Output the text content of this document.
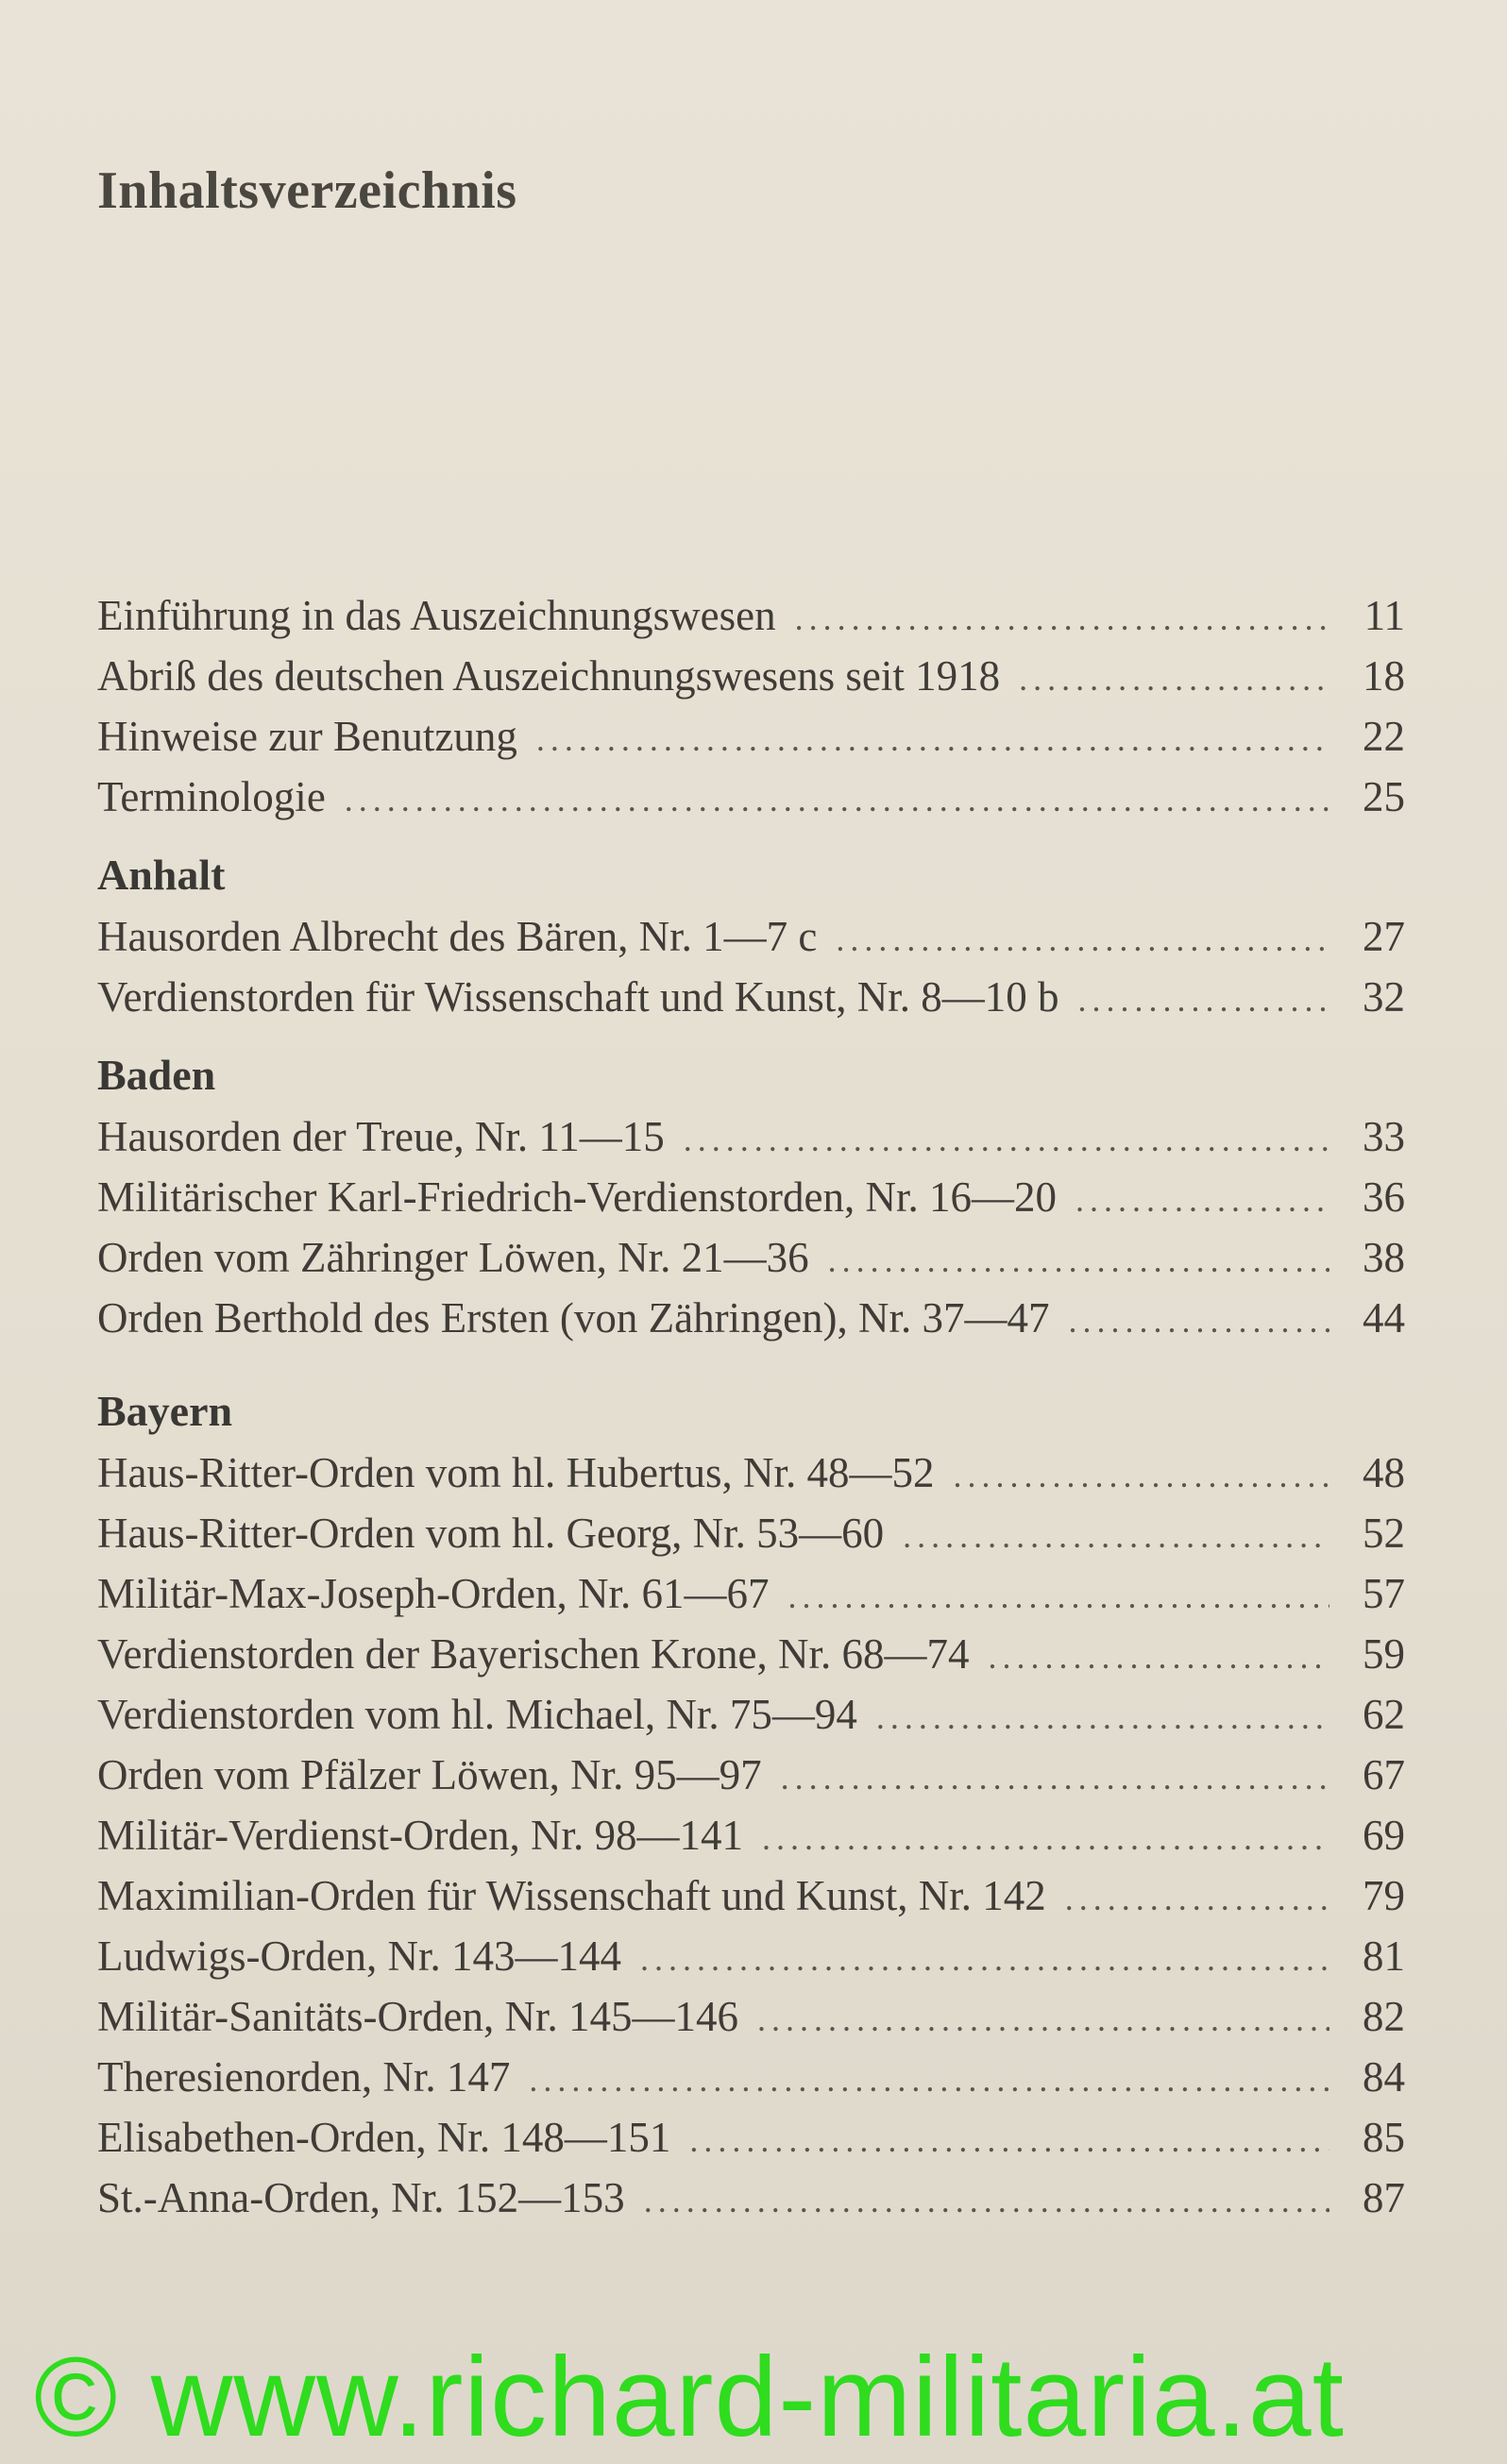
Inhaltsverzeichnis
Einführung in das Auszeichnungswesen .....	11
Abriß des deutschen Auszeichnungswesens seit 1918 .....	18
Hinweise zur Benutzung .....	22
Terminologie .....	25
Anhalt
Hausorden Albrecht des Bären, Nr. 1—7 c .....	27
Verdienstorden für Wissenschaft und Kunst, Nr. 8—10 b .....	32
Baden
Hausorden der Treue, Nr. 11—15 .....	33
Militärischer Karl-Friedrich-Verdienstorden, Nr. 16—20 .....	36
Orden vom Zähringer Löwen, Nr. 21—36 .....	38
Orden Berthold des Ersten (von Zähringen), Nr. 37—47 .....	44
Bayern
Haus-Ritter-Orden vom hl. Hubertus, Nr. 48—52 .....	48
Haus-Ritter-Orden vom hl. Georg, Nr. 53—60 .....	52
Militär-Max-Joseph-Orden, Nr. 61—67 .....	57
Verdienstorden der Bayerischen Krone, Nr. 68—74 .....	59
Verdienstorden vom hl. Michael, Nr. 75—94 .....	62
Orden vom Pfälzer Löwen, Nr. 95—97 .....	67
Militär-Verdienst-Orden, Nr. 98—141 .....	69
Maximilian-Orden für Wissenschaft und Kunst, Nr. 142 .....	79
Ludwigs-Orden, Nr. 143—144 .....	81
Militär-Sanitäts-Orden, Nr. 145—146 .....	82
Theresienorden, Nr. 147 .....	84
Elisabethen-Orden, Nr. 148—151 .....	85
St.-Anna-Orden, Nr. 152—153 .....	87
© www.richard-militaria.at
